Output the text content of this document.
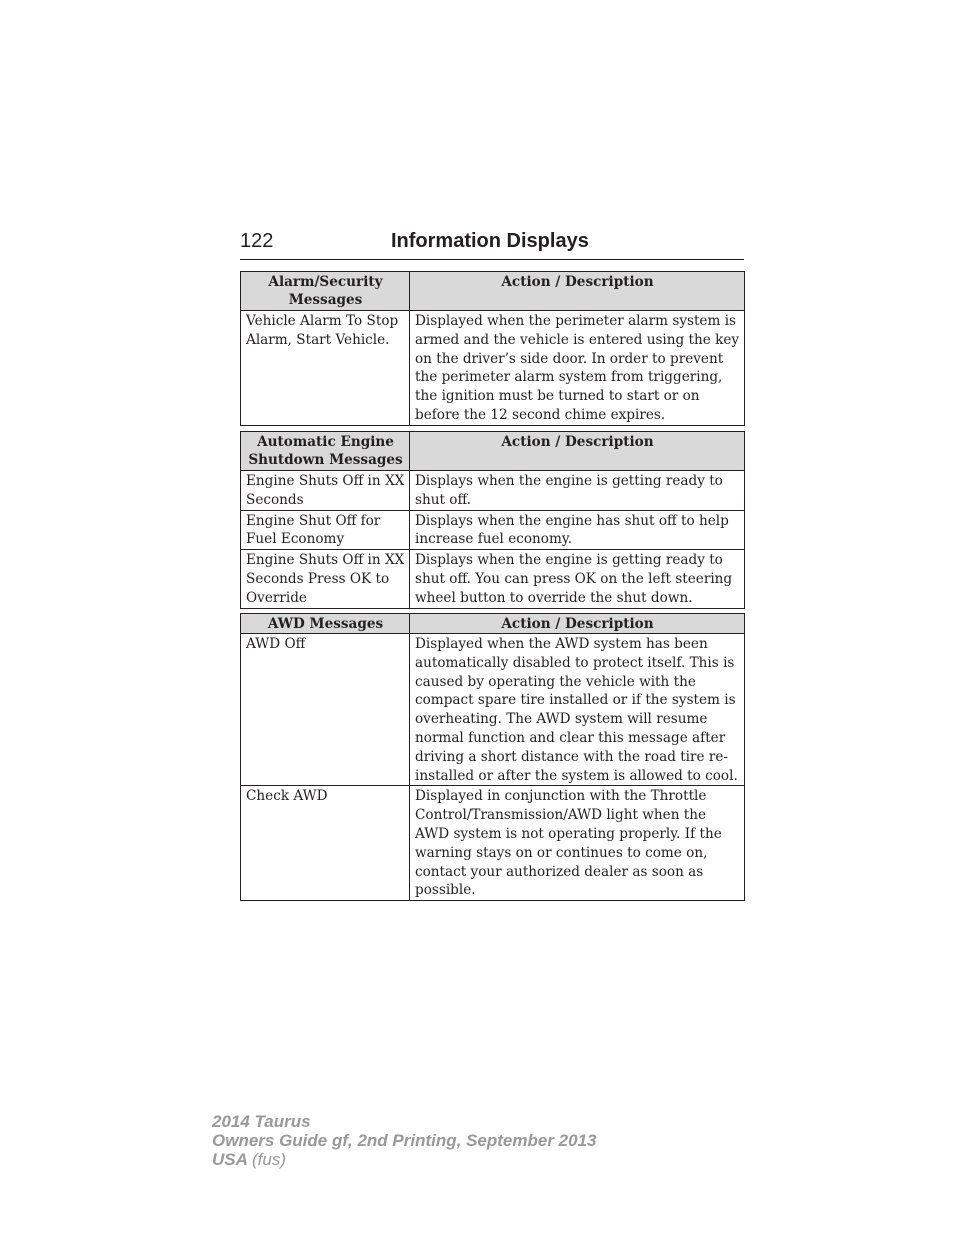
122	Information Displays
Alarm/Security Messages	Action / Description
Vehicle Alarm To Stop Alarm, Start Vehicle.	Displayed when the perimeter alarm system is armed and the vehicle is entered using the key on the driver’s side door. In order to prevent the perimeter alarm system from triggering, the ignition must be turned to start or on before the 12 second chime expires.
Automatic Engine Shutdown Messages	Action / Description
Engine Shuts Off in XX Seconds	Displays when the engine is getting ready to shut off.
Engine Shut Off for Fuel Economy	Displays when the engine has shut off to help increase fuel economy.
Engine Shuts Off in XX Seconds Press OK to Override	Displays when the engine is getting ready to shut off. You can press OK on the left steering wheel button to override the shut down.
AWD Messages	Action / Description
AWD Off	Displayed when the AWD system has been automatically disabled to protect itself. This is caused by operating the vehicle with the compact spare tire installed or if the system is overheating. The AWD system will resume normal function and clear this message after driving a short distance with the road tire re-installed or after the system is allowed to cool.
Check AWD	Displayed in conjunction with the Throttle Control/Transmission/AWD light when the AWD system is not operating properly. If the warning stays on or continues to come on, contact your authorized dealer as soon as possible.
2014 Taurus
Owners Guide gf, 2nd Printing, September 2013
USA (fus)
